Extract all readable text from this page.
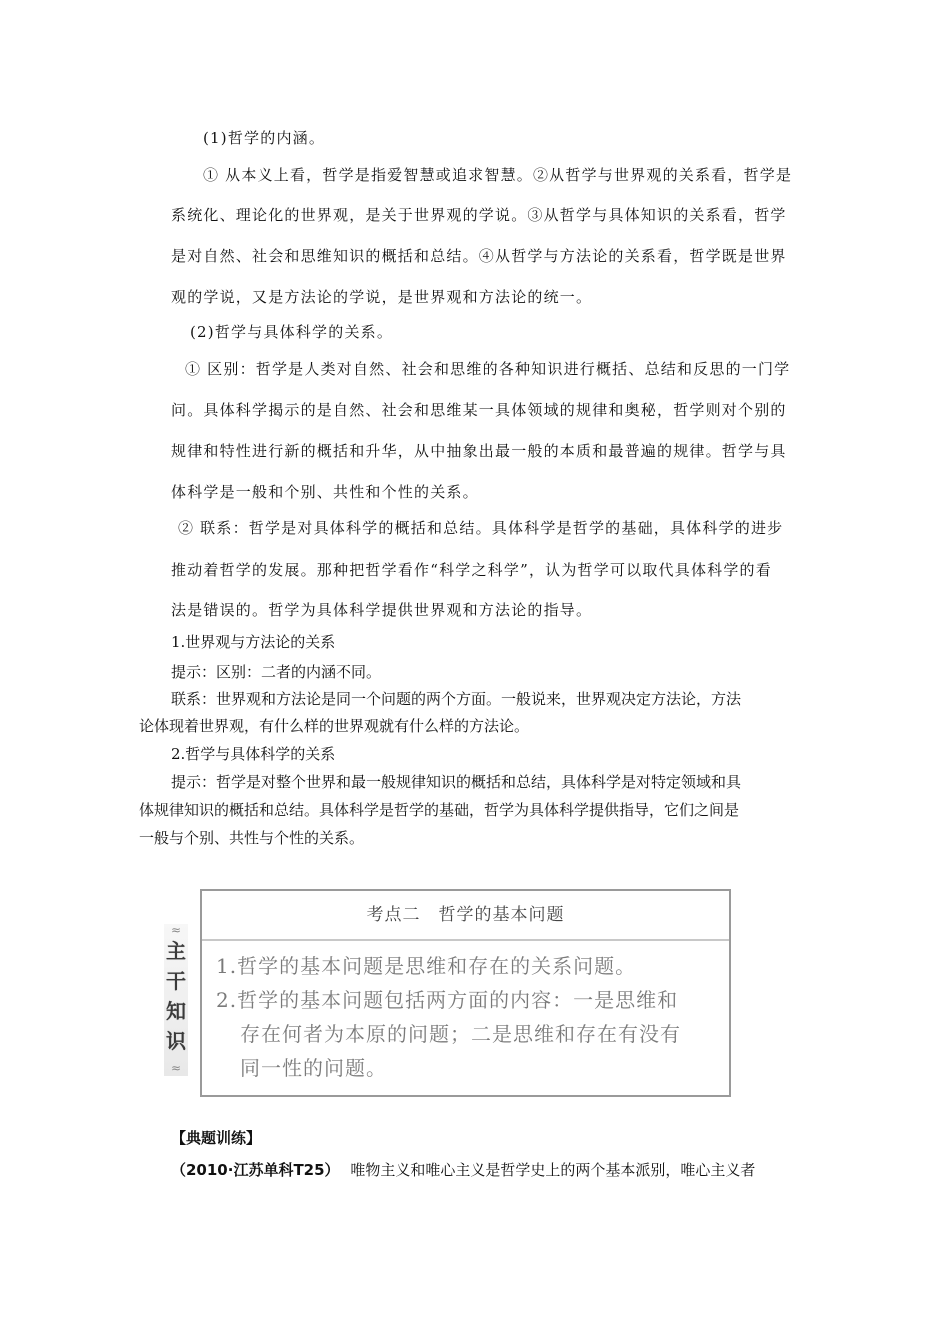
(1)哲学的内涵。
① 从本义上看，哲学是指爱智慧或追求智慧。②从哲学与世界观的关系看，哲学是
系统化、理论化的世界观，是关于世界观的学说。③从哲学与具体知识的关系看，哲学
是对自然、社会和思维知识的概括和总结。④从哲学与方法论的关系看，哲学既是世界
观的学说，又是方法论的学说，是世界观和方法论的统一。
(2)哲学与具体科学的关系。
① 区别：哲学是人类对自然、社会和思维的各种知识进行概括、总结和反思的一门学
问。具体科学揭示的是自然、社会和思维某一具体领域的规律和奥秘，哲学则对个别的
规律和特性进行新的概括和升华，从中抽象出最一般的本质和最普遍的规律。哲学与具
体科学是一般和个别、共性和个性的关系。
② 联系：哲学是对具体科学的概括和总结。具体科学是哲学的基础，具体科学的进步
推动着哲学的发展。那种把哲学看作“科学之科学”，认为哲学可以取代具体科学的看
法是错误的。哲学为具体科学提供世界观和方法论的指导。
1.世界观与方法论的关系
提示：区别：二者的内涵不同。
联系：世界观和方法论是同一个问题的两个方面。一般说来，世界观决定方法论，方法
论体现着世界观，有什么样的世界观就有什么样的方法论。
2.哲学与具体科学的关系
提示：哲学是对整个世界和最一般规律知识的概括和总结，具体科学是对特定领域和具
体规律知识的概括和总结。具体科学是哲学的基础，哲学为具体科学提供指导，它们之间是
一般与个别、共性与个性的关系。
≈
主
干
知
识
≈
考点二　哲学的基本问题
1.哲学的基本问题是思维和存在的关系问题。
2.哲学的基本问题包括两方面的内容：一是思维和
存在何者为本原的问题；二是思维和存在有没有
同一性的问题。
【典题训练】
（2010·江苏单科T25） 唯物主义和唯心主义是哲学史上的两个基本派别，唯心主义者
